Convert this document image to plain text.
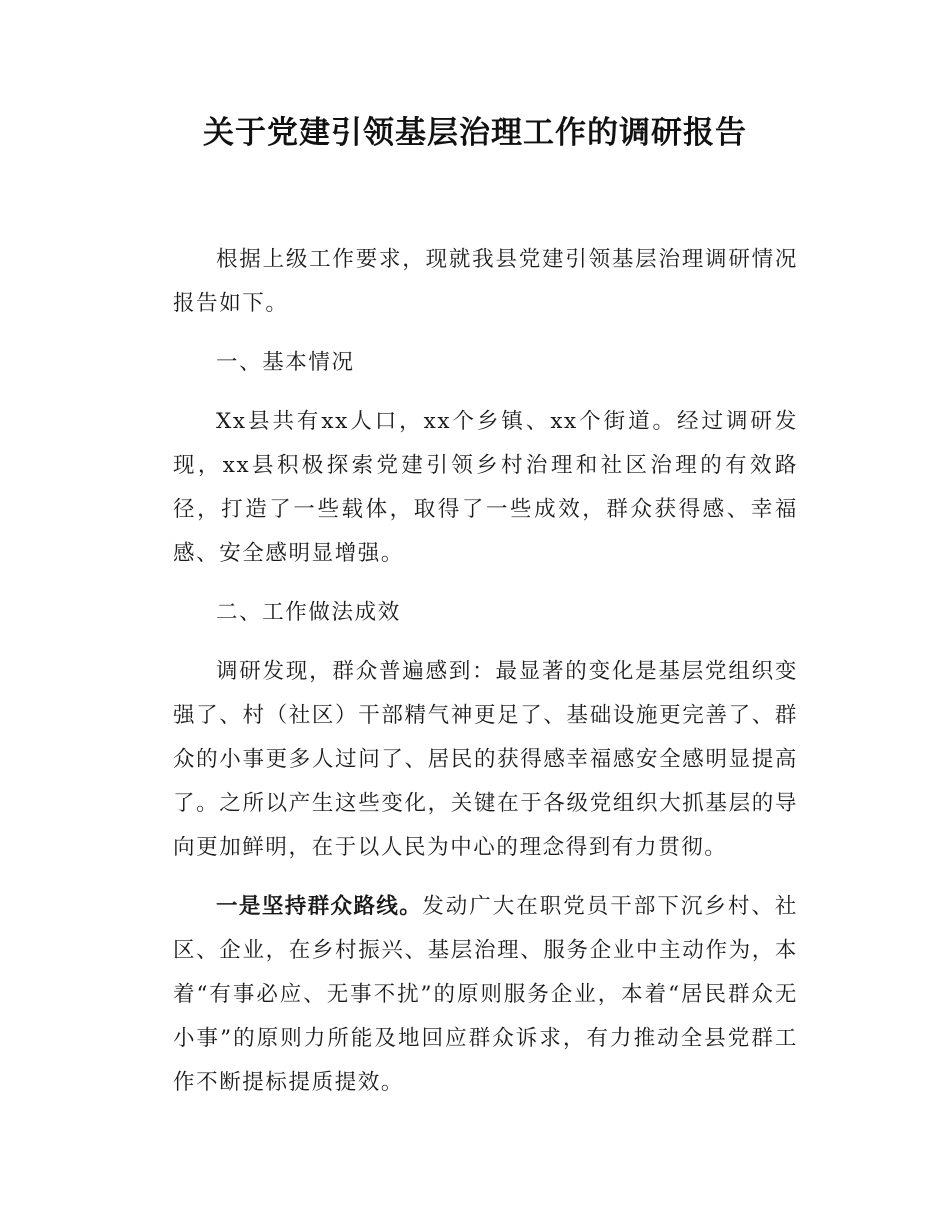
关于党建引领基层治理工作的调研报告

根据上级工作要求，现就我县党建引领基层治理调研情况报告如下。

一、基本情况

Xx县共有xx人口，xx个乡镇、xx个街道。经过调研发现，xx县积极探索党建引领乡村治理和社区治理的有效路径，打造了一些载体，取得了一些成效，群众获得感、幸福感、安全感明显增强。

二、工作做法成效

调研发现，群众普遍感到：最显著的变化是基层党组织变强了、村（社区）干部精气神更足了、基础设施更完善了、群众的小事更多人过问了、居民的获得感幸福感安全感明显提高了。之所以产生这些变化，关键在于各级党组织大抓基层的导向更加鲜明，在于以人民为中心的理念得到有力贯彻。

一是坚持群众路线。发动广大在职党员干部下沉乡村、社区、企业，在乡村振兴、基层治理、服务企业中主动作为，本着“有事必应、无事不扰”的原则服务企业，本着“居民群众无小事”的原则力所能及地回应群众诉求，有力推动全县党群工作不断提标提质提效。
